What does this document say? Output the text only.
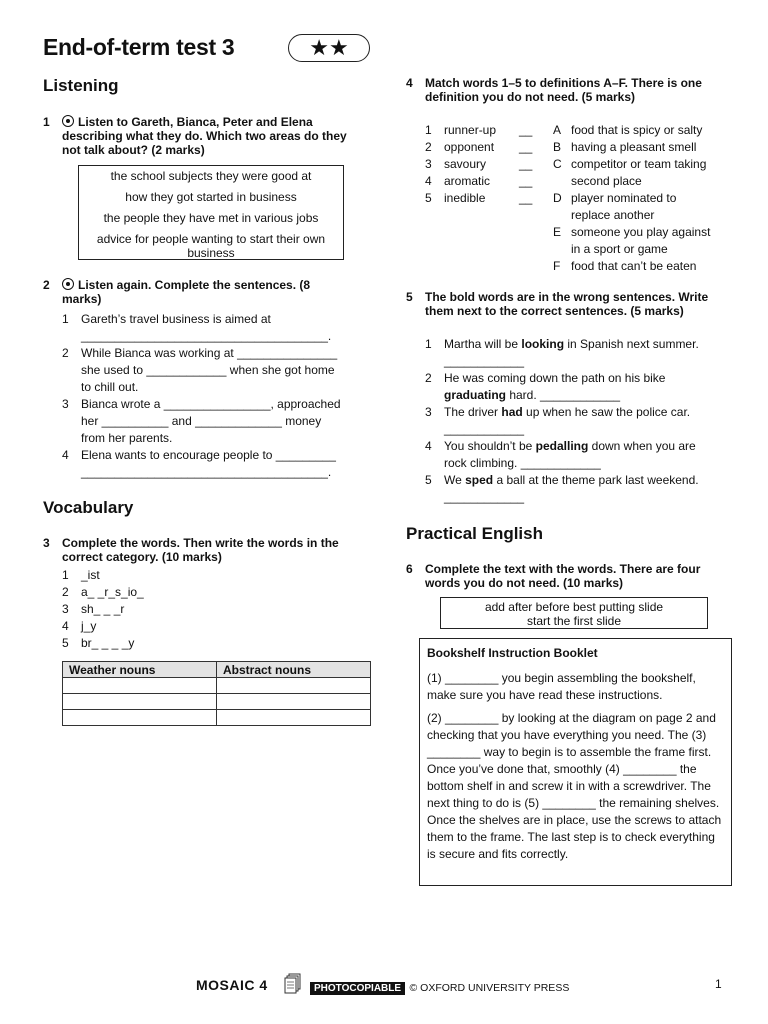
End-of-term test 3	★★
Listening
1	Listen to Gareth, Bianca, Peter and Elena describing what they do. Which two areas do they not talk about? (2 marks)
the school subjects they were good at
how they got started in business
the people they have met in various jobs
advice for people wanting to start their own business
2	Listen again. Complete the sentences. (8 marks)
1	Gareth’s travel business is aimed at
_____________________________________.
2	While Bianca was working at _______________
she used to ____________ when she got home
to chill out.
3	Bianca wrote a ________________, approached
her __________ and _____________ money
from her parents.
4	Elena wants to encourage people to _________
_____________________________________.
Vocabulary
3 Complete the words. Then write the words in the correct category. (10 marks)
1 _ist
2 a_ _r_s_io_
3 sh_ _ _r
4 j_y
5 br_ _ _ _y
Weather nouns	Abstract nouns

4 Match words 1–5 to definitions A–F. There is one definition you do not need. (5 marks)
1	runner-up	__
2	opponent	__
3	savoury	__
4	aromatic	__
5	inedible	__
A food that is spicy or salty
B having a pleasant smell
C competitor or team taking
second place
D player nominated to
replace another
E someone you play against
in a sport or game
F food that can’t be eaten
5 The bold words are in the wrong sentences. Write them next to the correct sentences. (5 marks)
1	Martha will be looking in Spanish next summer.
____________
2	He was coming down the path on his bike
graduating hard. ____________
3	The driver had up when he saw the police car.
____________
4	You shouldn’t be pedalling down when you are
rock climbing. ____________
5	We sped a ball at the theme park last weekend.
____________
Practical English
6 Complete the text with the words. There are four words you do not need. (10 marks)
add after before best putting slide
start the first slide
Bookshelf Instruction Booklet

(1) ________ you begin assembling the bookshelf, make sure you have read these instructions.

(2) ________ by looking at the diagram on page 2 and checking that you have everything you need. The (3) ________ way to begin is to assemble the frame first. Once you’ve done that, smoothly (4) ________ the bottom shelf in and screw it in with a screwdriver. The next thing to do is (5) ________ the remaining shelves. Once the shelves are in place, use the screws to attach them to the frame. The last step is to check everything is secure and fits correctly.

MOSAIC 4	PHOTOCOPIABLE © OXFORD UNIVERSITY PRESS	1
